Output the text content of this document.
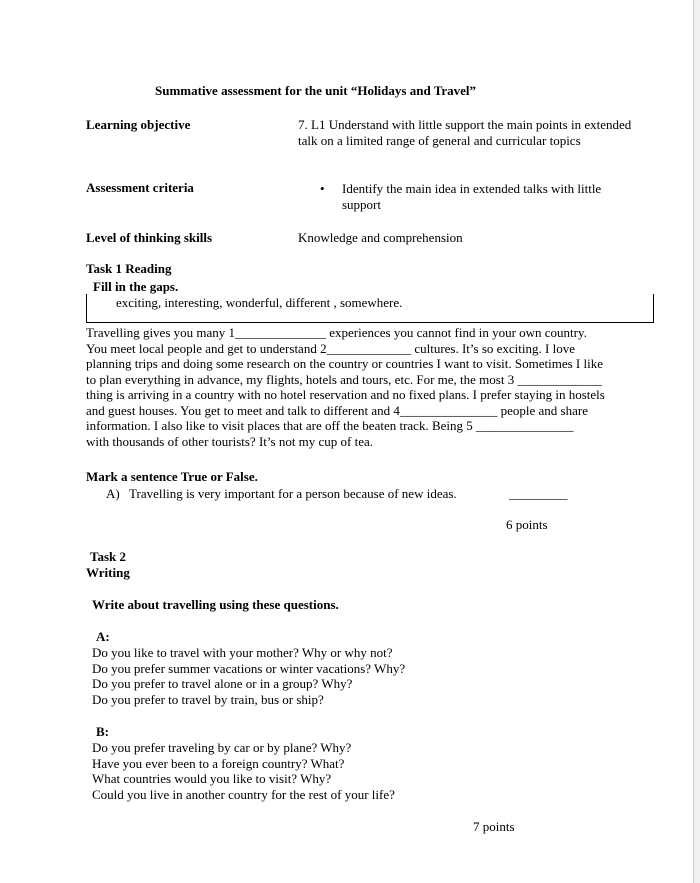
Summative assessment for the unit “Holidays and Travel”
Learning objective	7. L1 Understand with little support the main points in extended talk on a limited range of general and curricular topics
Assessment criteria	• Identify the main idea in extended talks with little support
Level of thinking skills	Knowledge and comprehension
Task 1 Reading
Fill in the gaps.
exciting, interesting, wonderful, different , somewhere.
Travelling gives you many 1______________ experiences you cannot find in your own country.
You meet local people and get to understand 2_____________ cultures. It’s so exciting. I love
planning trips and doing some research on the country or countries I want to visit. Sometimes I like
to plan everything in advance, my flights, hotels and tours, etc. For me, the most 3 _____________
thing is arriving in a country with no hotel reservation and no fixed plans. I prefer staying in hostels
and guest houses. You get to meet and talk to different and 4_______________ people and share
information. I also like to visit places that are off the beaten track. Being 5 _______________
with thousands of other tourists? It’s not my cup of tea.
Mark a sentence True or False.
A) Travelling is very important for a person because of new ideas.	_________
6 points
Task 2
Writing
Write about travelling using these questions.
A:
Do you like to travel with your mother? Why or why not?
Do you prefer summer vacations or winter vacations? Why?
Do you prefer to travel alone or in a group? Why?
Do you prefer to travel by train, bus or ship?
B:
Do you prefer traveling by car or by plane? Why?
Have you ever been to a foreign country? What?
What countries would you like to visit? Why?
Could you live in another country for the rest of your life?
7 points
